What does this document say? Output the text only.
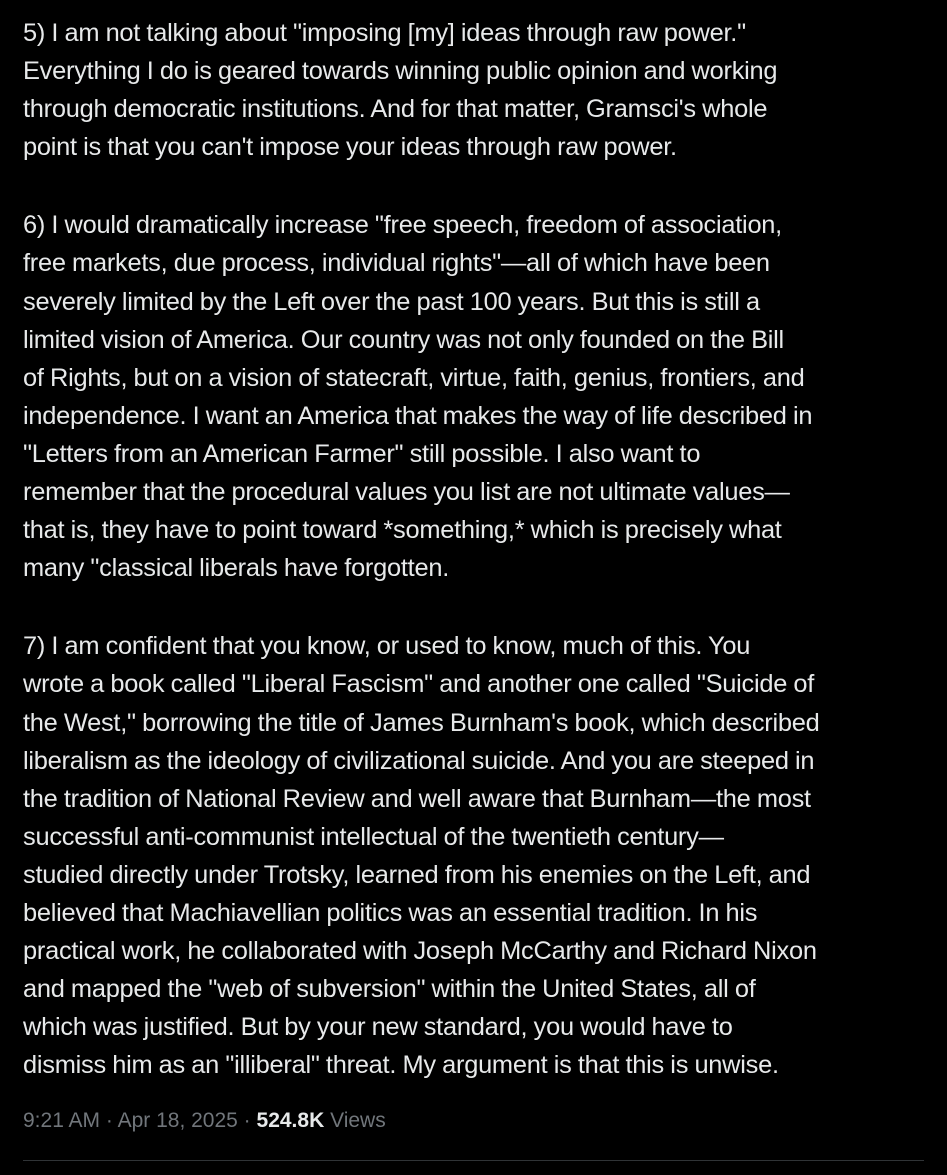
5) I am not talking about "imposing [my] ideas through raw power."
Everything I do is geared towards winning public opinion and working
through democratic institutions. And for that matter, Gramsci's whole
point is that you can't impose your ideas through raw power.

6) I would dramatically increase "free speech, freedom of association,
free markets, due process, individual rights"—all of which have been
severely limited by the Left over the past 100 years. But this is still a
limited vision of America. Our country was not only founded on the Bill
of Rights, but on a vision of statecraft, virtue, faith, genius, frontiers, and
independence. I want an America that makes the way of life described in
"Letters from an American Farmer" still possible. I also want to
remember that the procedural values you list are not ultimate values—
that is, they have to point toward *something,* which is precisely what
many "classical liberals have forgotten.

7) I am confident that you know, or used to know, much of this. You
wrote a book called "Liberal Fascism" and another one called "Suicide of
the West," borrowing the title of James Burnham's book, which described
liberalism as the ideology of civilizational suicide. And you are steeped in
the tradition of National Review and well aware that Burnham—the most
successful anti-communist intellectual of the twentieth century—
studied directly under Trotsky, learned from his enemies on the Left, and
believed that Machiavellian politics was an essential tradition. In his
practical work, he collaborated with Joseph McCarthy and Richard Nixon
and mapped the "web of subversion" within the United States, all of
which was justified. But by your new standard, you would have to
dismiss him as an "illiberal" threat. My argument is that this is unwise.

9:21 AM · Apr 18, 2025 · 524.8K Views
